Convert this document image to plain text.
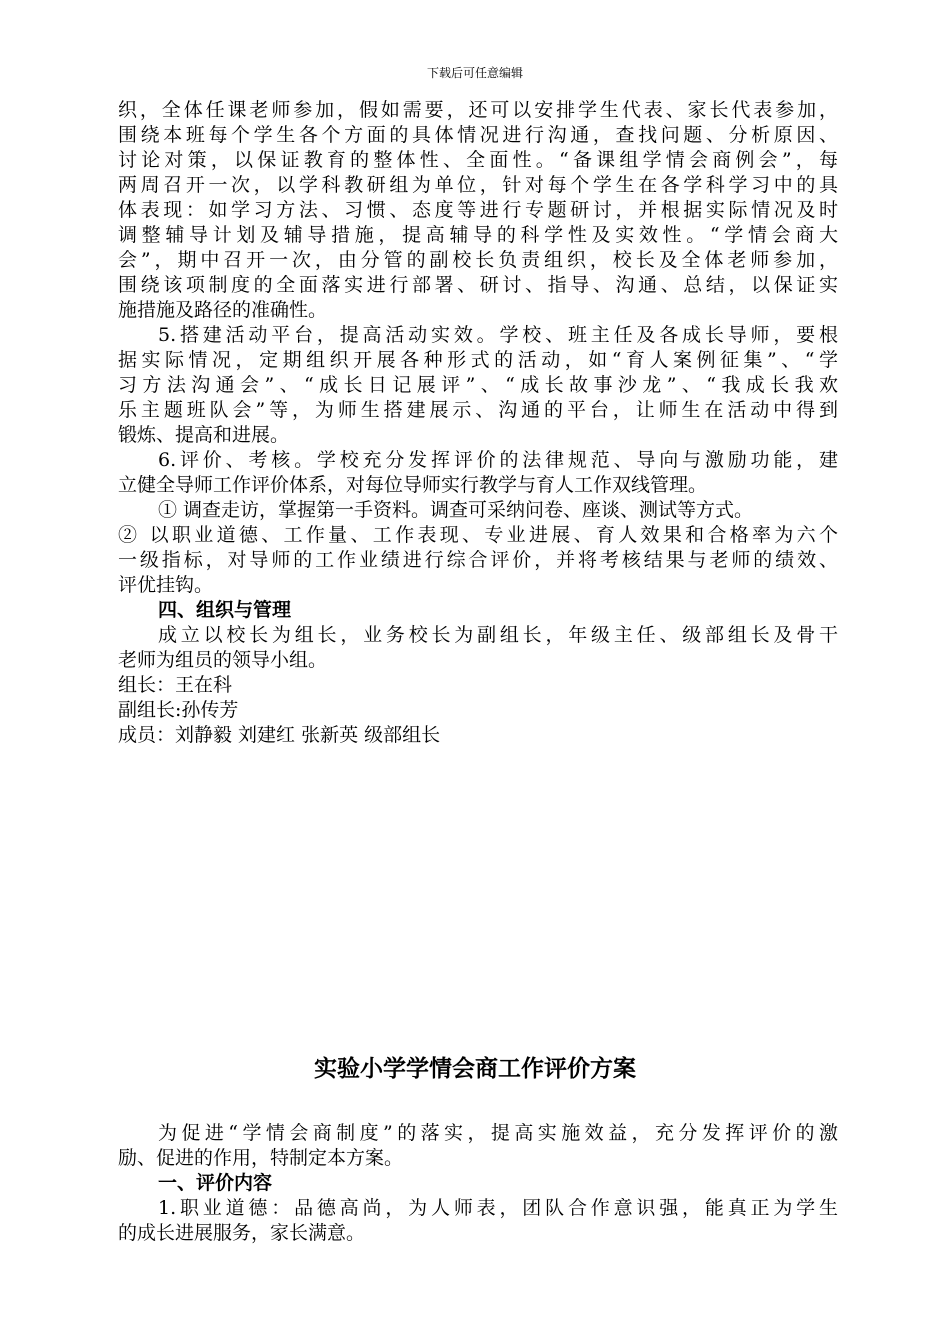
下载后可任意编辑
织，全体任课老师参加，假如需要，还可以安排学生代表、家长代表参加，
围绕本班每个学生各个方面的具体情况进行沟通，查找问题、分析原因、
讨论对策，以保证教育的整体性、全面性。“备课组学情会商例会”，每
两周召开一次，以学科教研组为单位，针对每个学生在各学科学习中的具
体表现：如学习方法、习惯、态度等进行专题研讨，并根据实际情况及时
调整辅导计划及辅导措施，提高辅导的科学性及实效性。“学情会商大
会”，期中召开一次，由分管的副校长负责组织，校长及全体老师参加，
围绕该项制度的全面落实进行部署、研讨、指导、沟通、总结，以保证实
施措施及路径的准确性。
5.搭建活动平台，提高活动实效。学校、班主任及各成长导师，要根
据实际情况，定期组织开展各种形式的活动，如“育人案例征集”、“学
习方法沟通会”、“成长日记展评”、“成长故事沙龙”、“我成长我欢
乐主题班队会”等，为师生搭建展示、沟通的平台，让师生在活动中得到
锻炼、提高和进展。
6.评价、考核。学校充分发挥评价的法律规范、导向与激励功能，建
立健全导师工作评价体系，对每位导师实行教学与育人工作双线管理。
① 调查走访，掌握第一手资料。调查可采纳问卷、座谈、测试等方式。
② 以职业道德、工作量、工作表现、专业进展、育人效果和合格率为六个
一级指标，对导师的工作业绩进行综合评价，并将考核结果与老师的绩效、
评优挂钩。
四、组织与管理
成立以校长为组长，业务校长为副组长，年级主任、级部组长及骨干
老师为组员的领导小组。
组长：王在科
副组长:孙传芳
成员：刘静毅 刘建红 张新英 级部组长
实验小学学情会商工作评价方案
为促进“学情会商制度”的落实，提高实施效益，充分发挥评价的激
励、促进的作用，特制定本方案。
一、评价内容
1.职业道德：品德高尚，为人师表，团队合作意识强，能真正为学生
的成长进展服务，家长满意。
